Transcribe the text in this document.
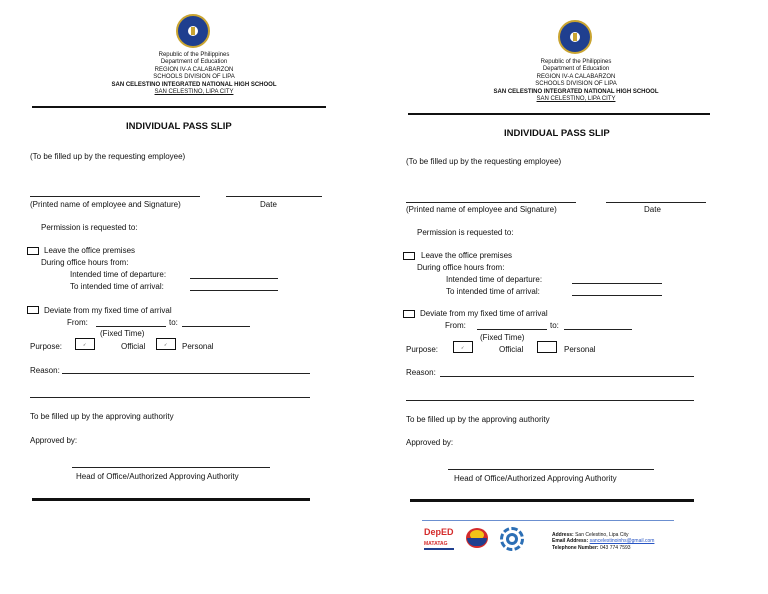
Republic of the Philippines
Department of Education
REGION IV-A CALABARZON
SCHOOLS DIVISION OF LIPA
SAN CELESTINO INTEGRATED NATIONAL HIGH SCHOOL
SAN CELESTINO, LIPA CITY
INDIVIDUAL PASS SLIP
(To be filled up by the requesting employee)
(Printed name of employee and Signature)	Date
Permission is requested to:
Leave the office premises
During office hours from:
Intended time of departure:
To intended time of arrival:
Deviate from my fixed time of arrival
From:	to:
(Fixed Time)
Purpose:	✓	Official	✓ Personal
Reason:
To be filled up by the approving authority
Approved by:
Head of Office/Authorized Approving Authority
Republic of the Philippines
Department of Education
REGION IV-A CALABARZON
SCHOOLS DIVISION OF LIPA
SAN CELESTINO INTEGRATED NATIONAL HIGH SCHOOL
SAN CELESTINO, LIPA CITY
INDIVIDUAL PASS SLIP
(To be filled up by the requesting employee)
(Printed name of employee and Signature)	Date
Permission is requested to:
Leave the office premises
During office hours from:
Intended time of departure:
To intended time of arrival:
Deviate from my fixed time of arrival
From:	to:
(Fixed Time)
Purpose:	✓	Official	Personal
Reason:
To be filled up by the approving authority
Approved by:
Head of Office/Authorized Approving Authority
DepED
MATATAG
Address: San Celestino, Lipa City
Email Address: sancelestinoinhs@gmail.com
Telephone Number: 043 774 7593
